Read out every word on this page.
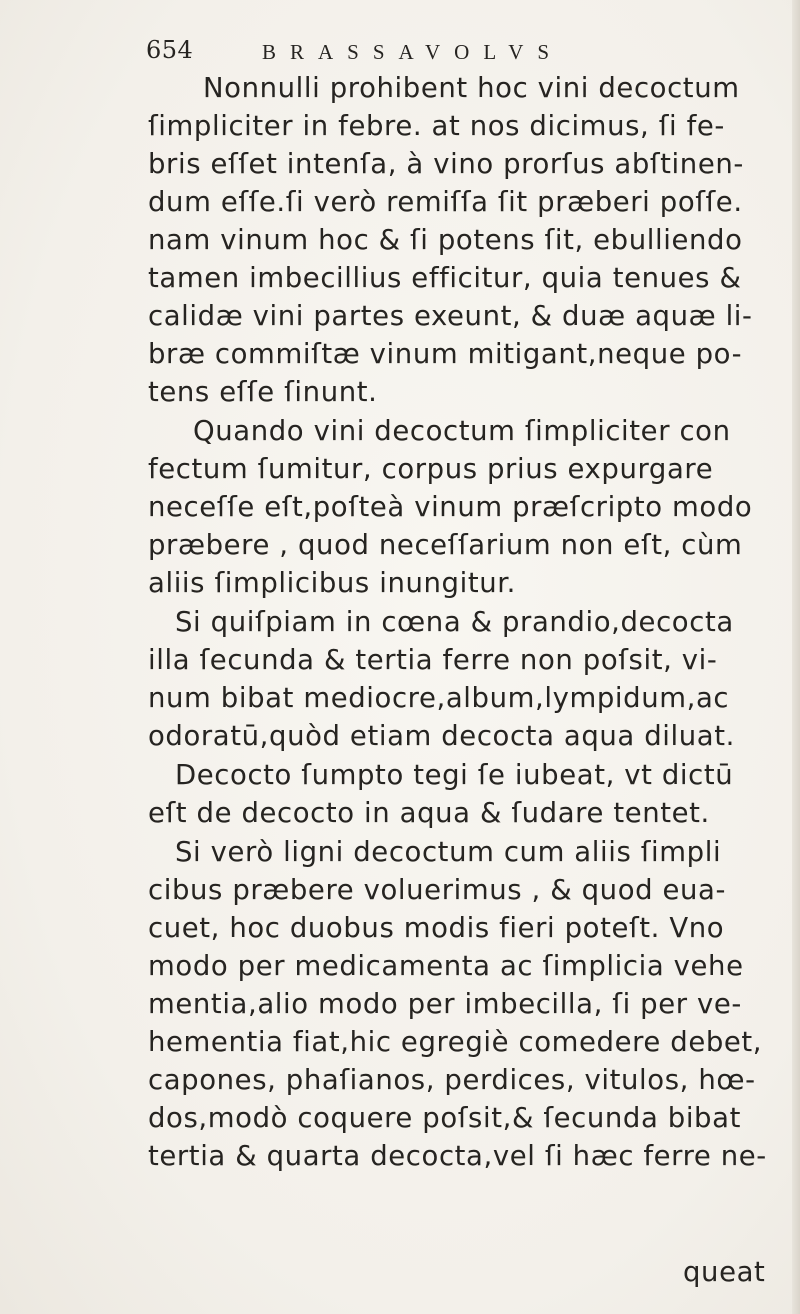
654	BRASSAVOLVS
Nonnulli prohibent hoc vini decoctum
ſimpliciter in febre. at nos dicimus, ſi fe-
bris eſſet intenſa, à vino prorſus abſtinen-
dum eſſe.ſi verò remiſſa ſit præberi poſſe.
nam vinum hoc & ſi potens ſit, ebulliendo
tamen imbecillius efficitur, quia tenues &
calidæ vini partes exeunt, & duæ aquæ li-
bræ commiſtæ vinum mitigant,neque po-
tens eſſe ſinunt.
Quando vini decoctum ſimpliciter con
fectum ſumitur, corpus prius expurgare
neceſſe eſt,poſteà vinum præſcripto modo
præbere , quod neceſſarium non eſt, cùm
aliis ſimplicibus inungitur.
Si quiſpiam in cœna & prandio,decocta
illa ſecunda & tertia ferre non poſsit, vi-
num bibat mediocre,album,lympidum,ac
odoratū,quòd etiam decocta aqua diluat.
Decocto ſumpto tegi ſe iubeat, vt dictū
eſt de decocto in aqua & ſudare tentet.
Si verò ligni decoctum cum aliis ſimpli
cibus præbere voluerimus , & quod eua-
cuet, hoc duobus modis fieri poteſt. Vno
modo per medicamenta ac ſimplicia vehe
mentia,alio modo per imbecilla, ſi per ve-
hementia fiat,hic egregiè comedere debet,
capones, phaſianos, perdices, vitulos, hœ-
dos,modò coquere poſsit,& ſecunda bibat
tertia & quarta decocta,vel ſi hæc ferre ne-
queat
